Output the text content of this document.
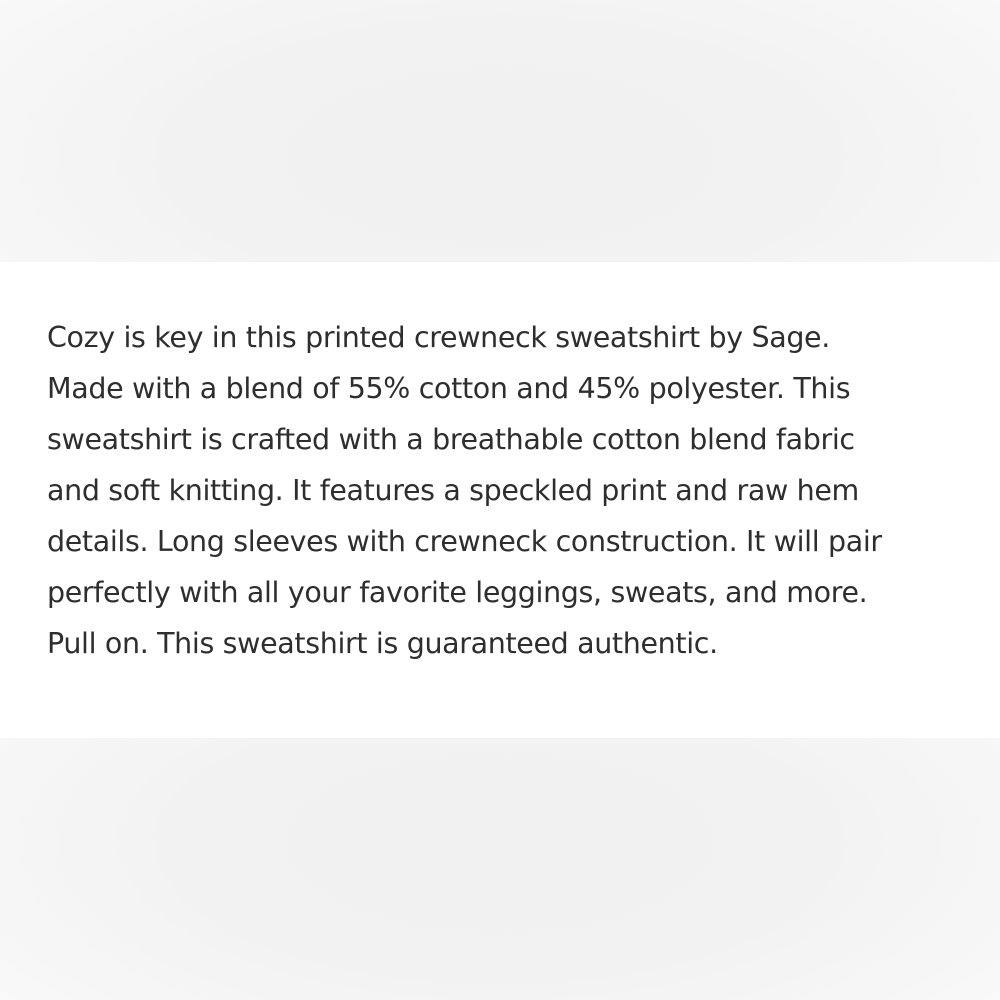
Cozy is key in this printed crewneck sweatshirt by Sage.
Made with a blend of 55% cotton and 45% polyester. This
sweatshirt is crafted with a breathable cotton blend fabric
and soft knitting. It features a speckled print and raw hem
details. Long sleeves with crewneck construction. It will pair
perfectly with all your favorite leggings, sweats, and more.
Pull on. This sweatshirt is guaranteed authentic.
